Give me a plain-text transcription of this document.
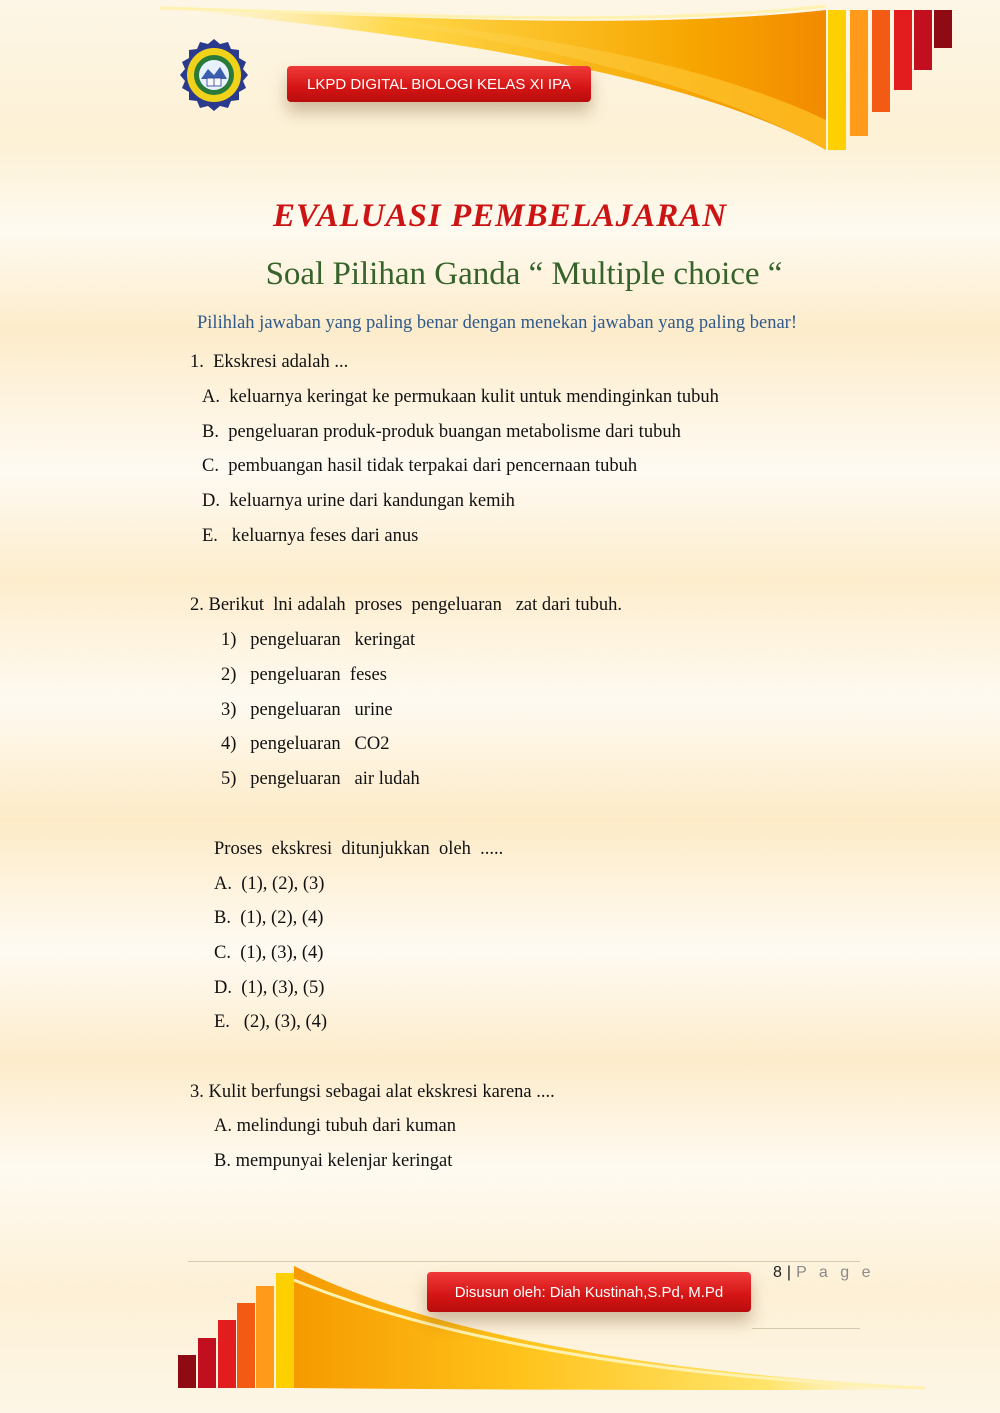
LKPD DIGITAL BIOLOGI KELAS XI IPA
EVALUASI PEMBELAJARAN
Soal Pilihan Ganda “ Multiple choice “
Pilihlah jawaban yang paling benar dengan menekan jawaban yang paling benar!
1.  Ekskresi adalah ...
A.  keluarnya keringat ke permukaan kulit untuk mendinginkan tubuh
B.  pengeluaran produk-produk buangan metabolisme dari tubuh
C.  pembuangan hasil tidak terpakai dari pencernaan tubuh
D.  keluarnya urine dari kandungan kemih
E.   keluarnya feses dari anus
2. Berikut  lni adalah  proses  pengeluaran   zat dari tubuh.
1)   pengeluaran   keringat
2)   pengeluaran  feses
3)   pengeluaran   urine
4)   pengeluaran   CO2
5)   pengeluaran   air ludah
Proses  ekskresi  ditunjukkan  oleh  .....
A.  (1), (2), (3)
B.  (1), (2), (4)
C.  (1), (3), (4)
D.  (1), (3), (5)
E.   (2), (3), (4)
3. Kulit berfungsi sebagai alat ekskresi karena ....
A. melindungi tubuh dari kuman
B. mempunyai kelenjar keringat
Disusun oleh: Diah Kustinah,S.Pd, M.Pd
8 | P a g e
